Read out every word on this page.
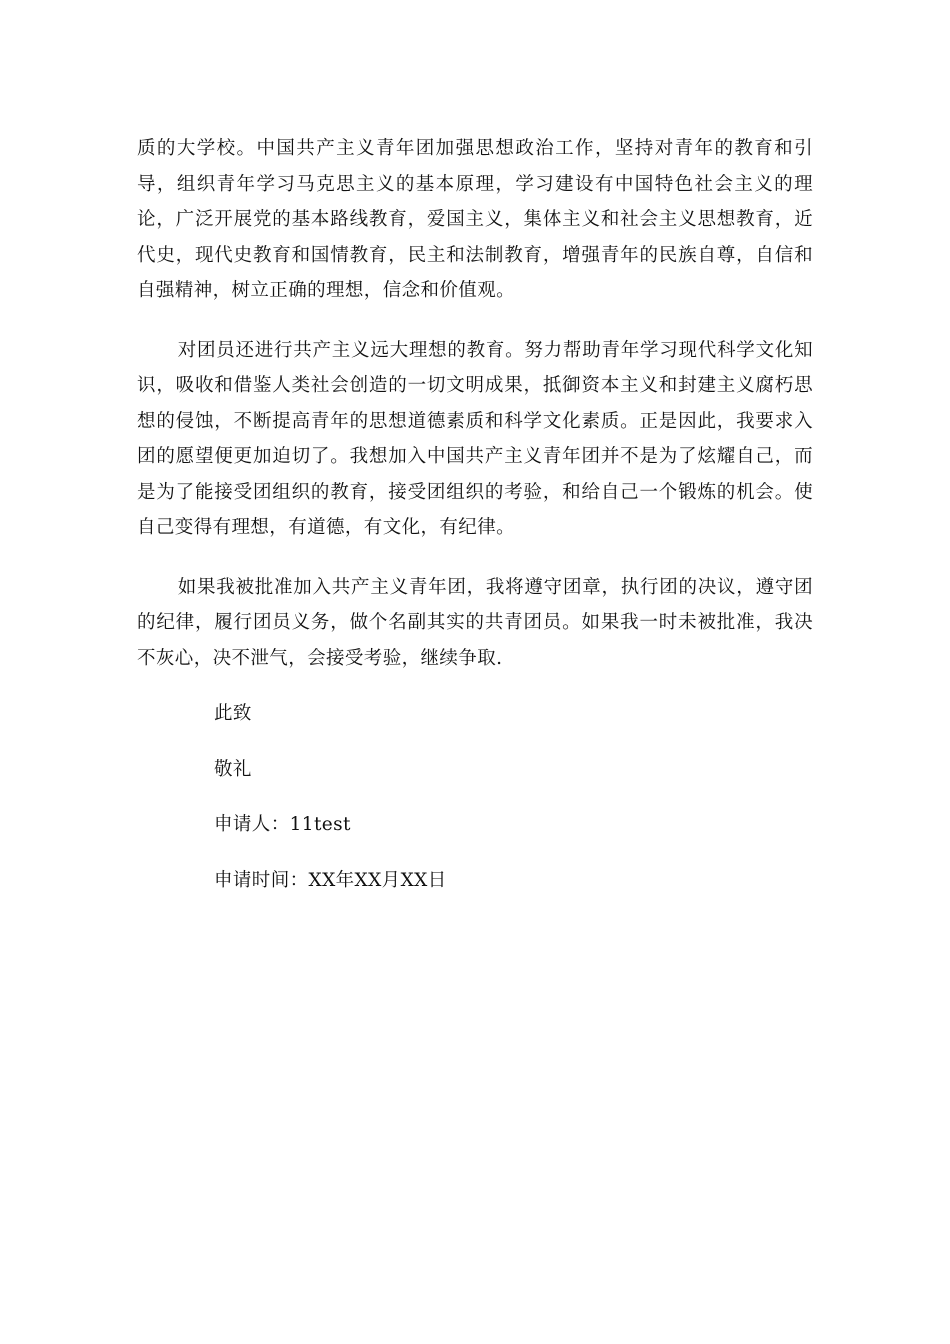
质的大学校。中国共产主义青年团加强思想政治工作，坚持对青年的教育和引导，组织青年学习马克思主义的基本原理，学习建设有中国特色社会主义的理论，广泛开展党的基本路线教育，爱国主义，集体主义和社会主义思想教育，近代史，现代史教育和国情教育，民主和法制教育，增强青年的民族自尊，自信和自强精神，树立正确的理想，信念和价值观。

对团员还进行共产主义远大理想的教育。努力帮助青年学习现代科学文化知识，吸收和借鉴人类社会创造的一切文明成果，抵御资本主义和封建主义腐朽思想的侵蚀，不断提高青年的思想道德素质和科学文化素质。正是因此，我要求入团的愿望便更加迫切了。我想加入中国共产主义青年团并不是为了炫耀自己，而是为了能接受团组织的教育，接受团组织的考验，和给自己一个锻炼的机会。使自己变得有理想，有道德，有文化，有纪律。

如果我被批准加入共产主义青年团，我将遵守团章，执行团的决议，遵守团的纪律，履行团员义务，做个名副其实的共青团员。如果我一时未被批准，我决不灰心，决不泄气，会接受考验，继续争取.

此致

敬礼

申请人：11test

申请时间：XX年XX月XX日
